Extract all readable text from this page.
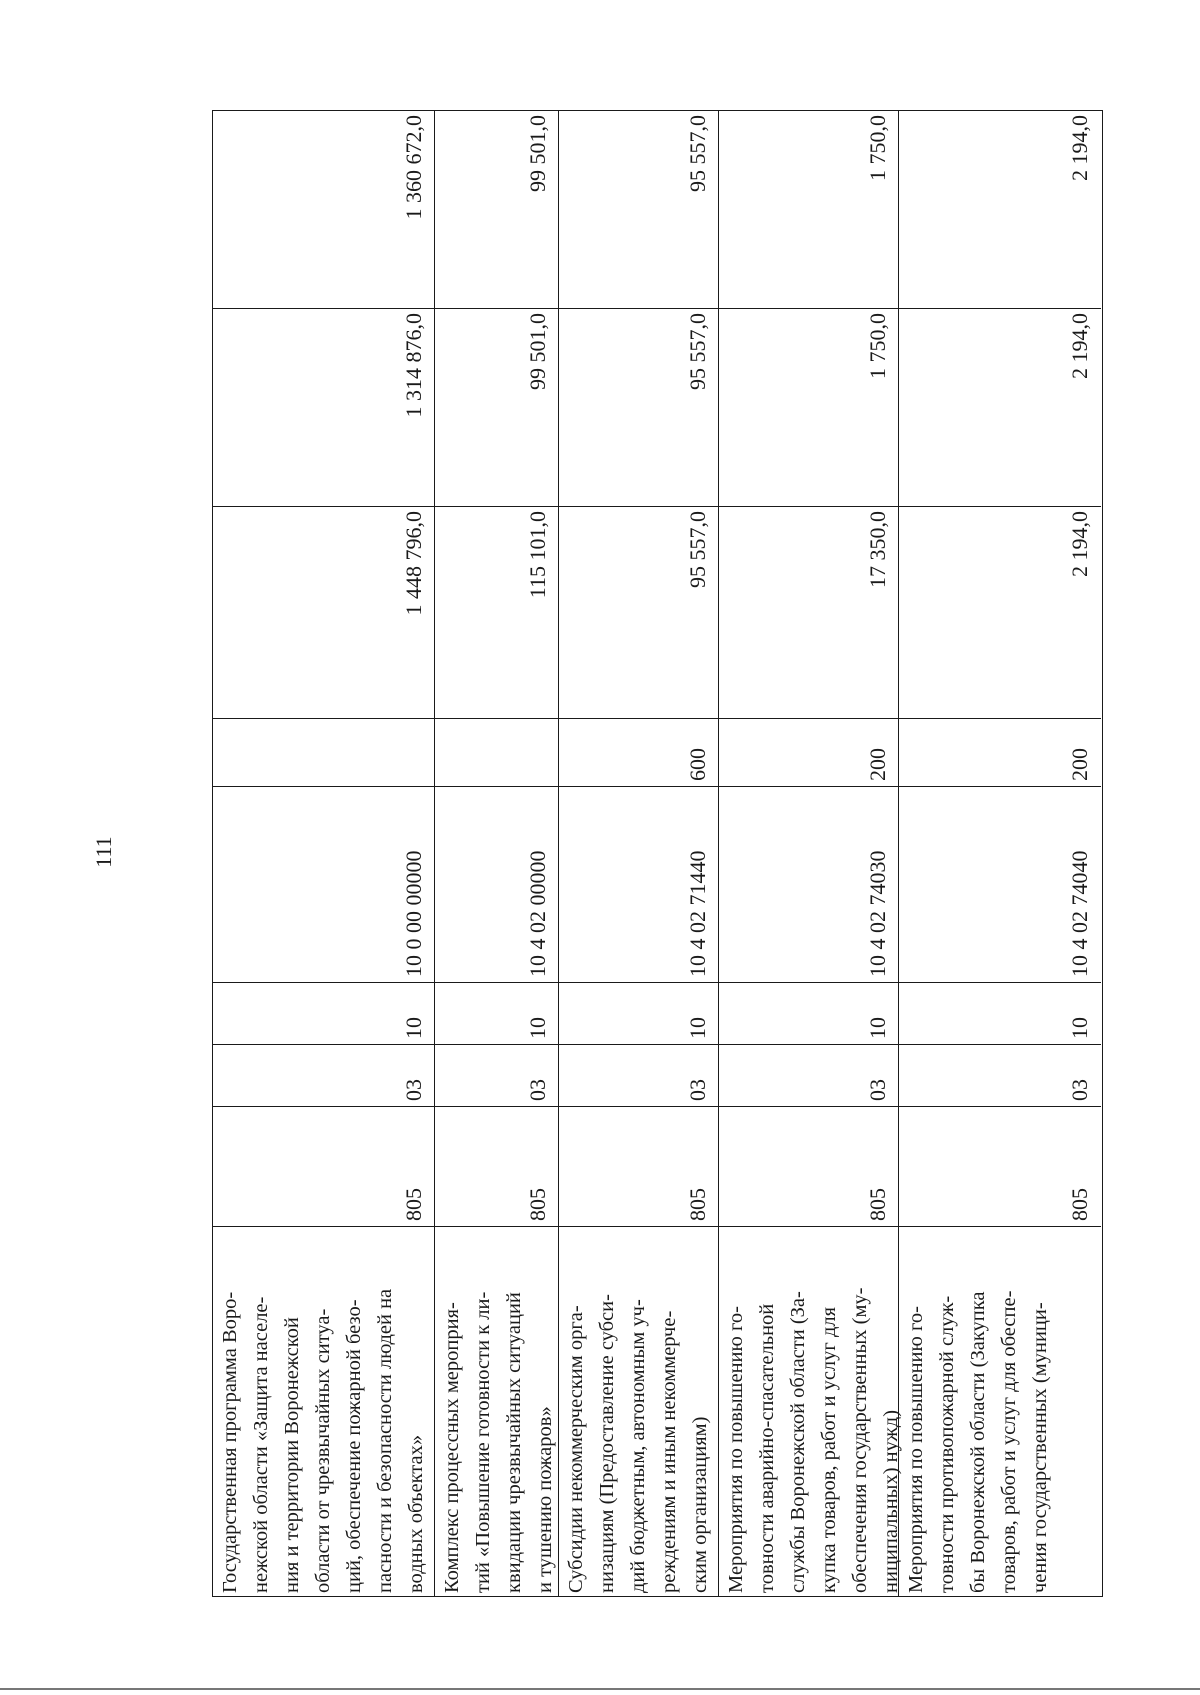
111
Государственная программа Воро- нежской области «Защита населе- ния и территории Воронежской области от чрезвычайных ситуа- ций, обеспечение пожарной безо- пасности и безопасности людей на водных объектах»
805
03
10
10 0 00 00000
1 448 796,0
1 314 876,0
1 360 672,0
Комплекс процессных мероприя- тий «Повышение готовности к ли- квидации чрезвычайных ситуаций и тушению пожаров»
805
03
10
10 4 02 00000
115 101,0
99 501,0
99 501,0
Субсидии некоммерческим орга- низациям (Предоставление субси- дий бюджетным, автономным уч- реждениям и иным некоммерче- ским организациям)
805
03
10
10 4 02 71440
600
95 557,0
95 557,0
95 557,0
Мероприятия по повышению го- товности аварийно-спасательной службы Воронежской области (За- купка товаров, работ и услуг для обеспечения государственных (му- ниципальных) нужд)
805
03
10
10 4 02 74030
200
17 350,0
1 750,0
1 750,0
Мероприятия по повышению го- товности противопожарной служ- бы Воронежской области (Закупка товаров, работ и услуг для обеспе- чения государственных (муници-
805
03
10
10 4 02 74040
200
2 194,0
2 194,0
2 194,0
